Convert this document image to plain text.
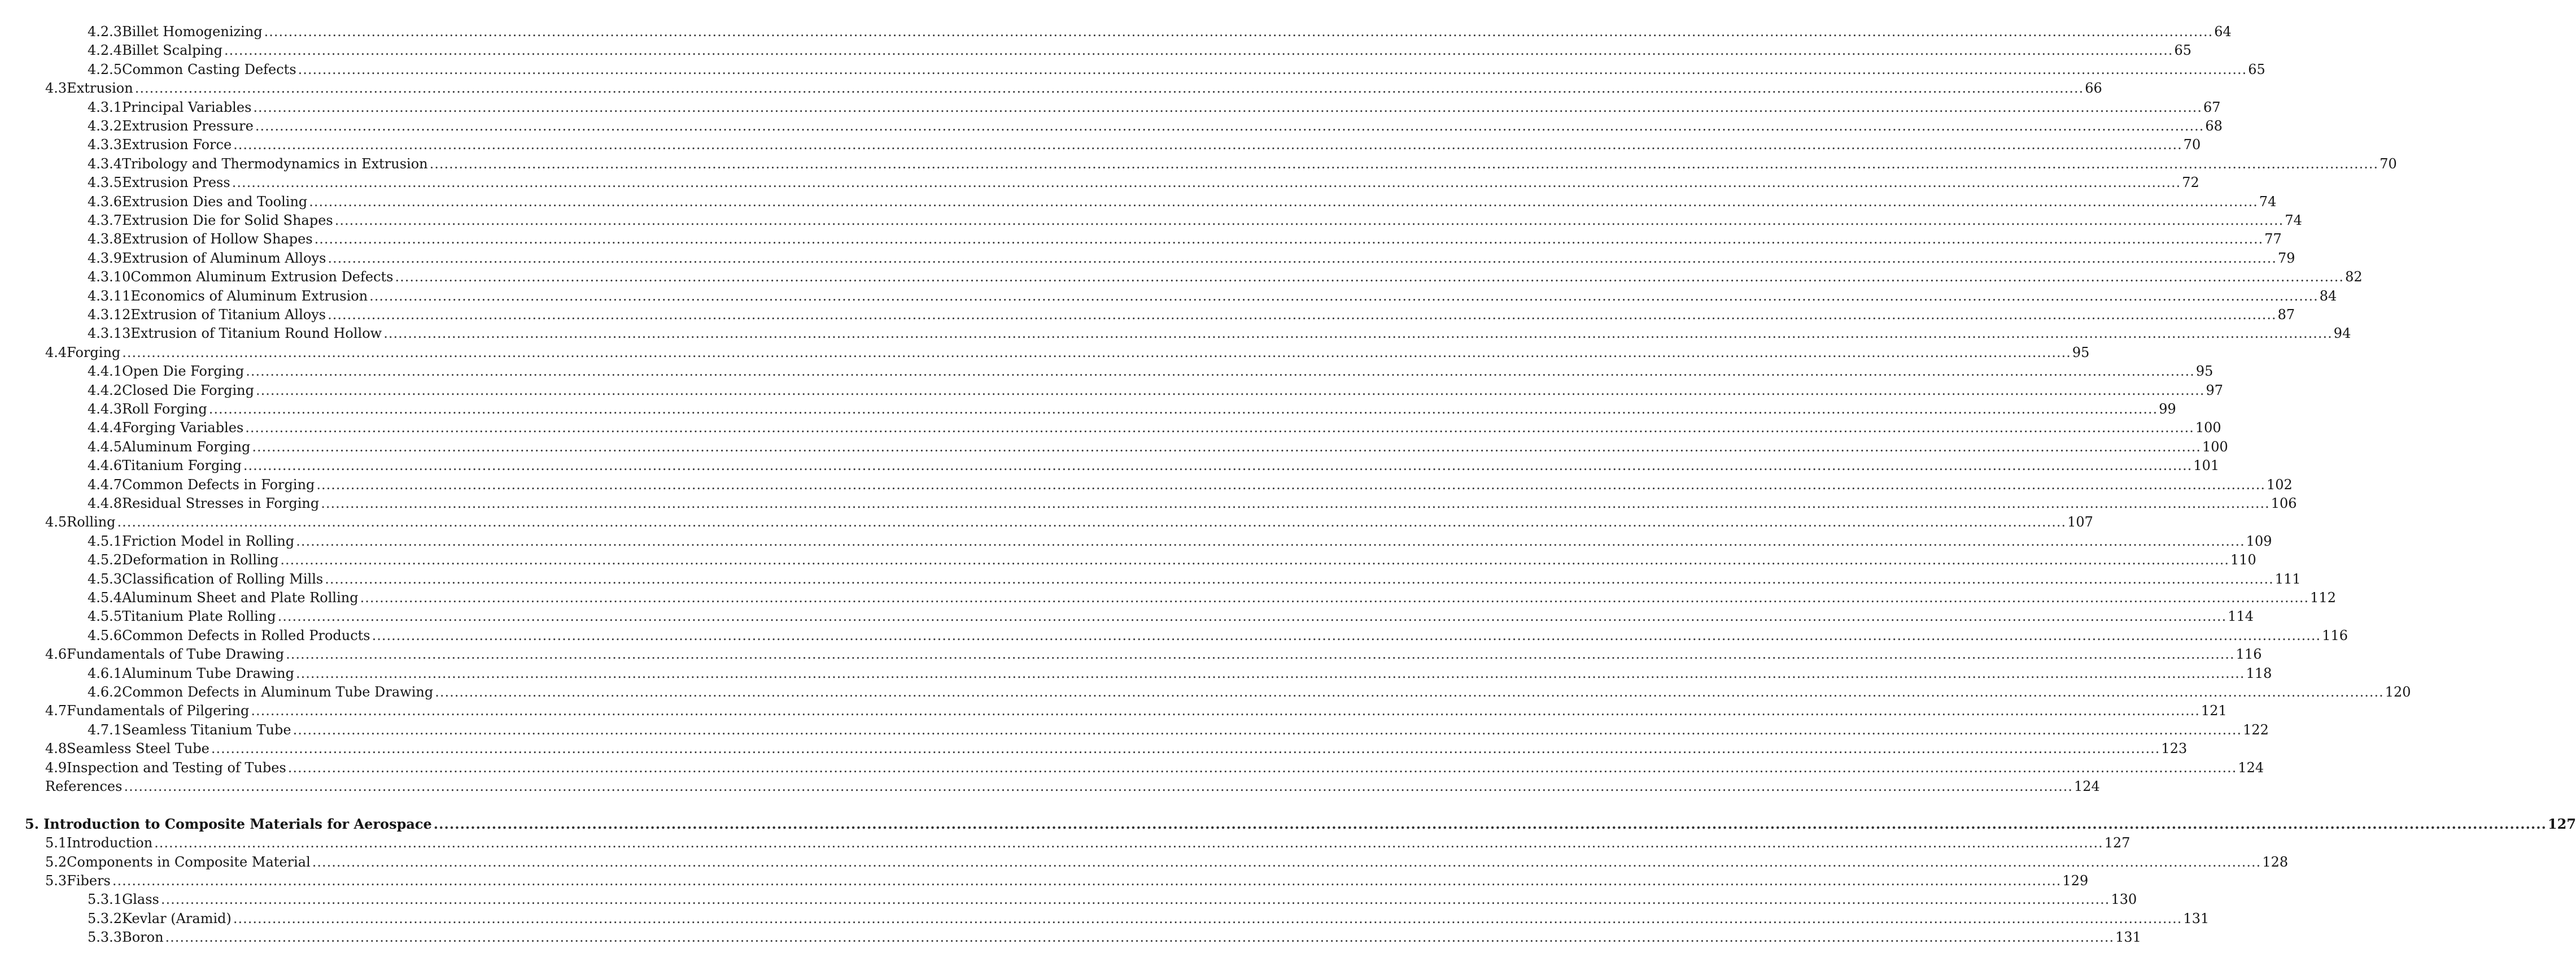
4.2.3 Billet Homogenizing ................................................................................................................................................................................................................................................................................................................................................................................................................ 64
4.2.4 Billet Scalping ................................................................................................................................................................................................................................................................................................................................................................................................................ 65
4.2.5 Common Casting Defects ................................................................................................................................................................................................................................................................................................................................................................................................................ 65
4.3 Extrusion ................................................................................................................................................................................................................................................................................................................................................................................................................ 66
4.3.1 Principal Variables ................................................................................................................................................................................................................................................................................................................................................................................................................ 67
4.3.2 Extrusion Pressure ................................................................................................................................................................................................................................................................................................................................................................................................................ 68
4.3.3 Extrusion Force ................................................................................................................................................................................................................................................................................................................................................................................................................ 70
4.3.4 Tribology and Thermodynamics in Extrusion ................................................................................................................................................................................................................................................................................................................................................................................................................ 70
4.3.5 Extrusion Press ................................................................................................................................................................................................................................................................................................................................................................................................................ 72
4.3.6 Extrusion Dies and Tooling ................................................................................................................................................................................................................................................................................................................................................................................................................ 74
4.3.7 Extrusion Die for Solid Shapes ................................................................................................................................................................................................................................................................................................................................................................................................................ 74
4.3.8 Extrusion of Hollow Shapes ................................................................................................................................................................................................................................................................................................................................................................................................................ 77
4.3.9 Extrusion of Aluminum Alloys ................................................................................................................................................................................................................................................................................................................................................................................................................ 79
4.3.10 Common Aluminum Extrusion Defects ................................................................................................................................................................................................................................................................................................................................................................................................................ 82
4.3.11 Economics of Aluminum Extrusion ................................................................................................................................................................................................................................................................................................................................................................................................................ 84
4.3.12 Extrusion of Titanium Alloys ................................................................................................................................................................................................................................................................................................................................................................................................................ 87
4.3.13 Extrusion of Titanium Round Hollow ................................................................................................................................................................................................................................................................................................................................................................................................................ 94
4.4 Forging ................................................................................................................................................................................................................................................................................................................................................................................................................ 95
4.4.1 Open Die Forging ................................................................................................................................................................................................................................................................................................................................................................................................................ 95
4.4.2 Closed Die Forging ................................................................................................................................................................................................................................................................................................................................................................................................................ 97
4.4.3 Roll Forging ................................................................................................................................................................................................................................................................................................................................................................................................................ 99
4.4.4 Forging Variables ................................................................................................................................................................................................................................................................................................................................................................................................................ 100
4.4.5 Aluminum Forging ................................................................................................................................................................................................................................................................................................................................................................................................................ 100
4.4.6 Titanium Forging ................................................................................................................................................................................................................................................................................................................................................................................................................ 101
4.4.7 Common Defects in Forging ................................................................................................................................................................................................................................................................................................................................................................................................................ 102
4.4.8 Residual Stresses in Forging ................................................................................................................................................................................................................................................................................................................................................................................................................ 106
4.5 Rolling ................................................................................................................................................................................................................................................................................................................................................................................................................ 107
4.5.1 Friction Model in Rolling ................................................................................................................................................................................................................................................................................................................................................................................................................ 109
4.5.2 Deformation in Rolling ................................................................................................................................................................................................................................................................................................................................................................................................................ 110
4.5.3 Classification of Rolling Mills ................................................................................................................................................................................................................................................................................................................................................................................................................ 111
4.5.4 Aluminum Sheet and Plate Rolling ................................................................................................................................................................................................................................................................................................................................................................................................................ 112
4.5.5 Titanium Plate Rolling ................................................................................................................................................................................................................................................................................................................................................................................................................ 114
4.5.6 Common Defects in Rolled Products ................................................................................................................................................................................................................................................................................................................................................................................................................ 116
4.6 Fundamentals of Tube Drawing ................................................................................................................................................................................................................................................................................................................................................................................................................ 116
4.6.1 Aluminum Tube Drawing ................................................................................................................................................................................................................................................................................................................................................................................................................ 118
4.6.2 Common Defects in Aluminum Tube Drawing ................................................................................................................................................................................................................................................................................................................................................................................................................ 120
4.7 Fundamentals of Pilgering ................................................................................................................................................................................................................................................................................................................................................................................................................ 121
4.7.1 Seamless Titanium Tube ................................................................................................................................................................................................................................................................................................................................................................................................................ 122
4.8 Seamless Steel Tube ................................................................................................................................................................................................................................................................................................................................................................................................................ 123
4.9 Inspection and Testing of Tubes ................................................................................................................................................................................................................................................................................................................................................................................................................ 124
References ................................................................................................................................................................................................................................................................................................................................................................................................................ 124
5. Introduction to Composite Materials for Aerospace ................................................................................................................................................................................................................................................................................................................................................................................................................ 127
5.1 Introduction ................................................................................................................................................................................................................................................................................................................................................................................................................ 127
5.2 Components in Composite Material ................................................................................................................................................................................................................................................................................................................................................................................................................ 128
5.3 Fibers ................................................................................................................................................................................................................................................................................................................................................................................................................ 129
5.3.1 Glass ................................................................................................................................................................................................................................................................................................................................................................................................................ 130
5.3.2 Kevlar (Aramid) ................................................................................................................................................................................................................................................................................................................................................................................................................ 131
5.3.3 Boron ................................................................................................................................................................................................................................................................................................................................................................................................................ 131
